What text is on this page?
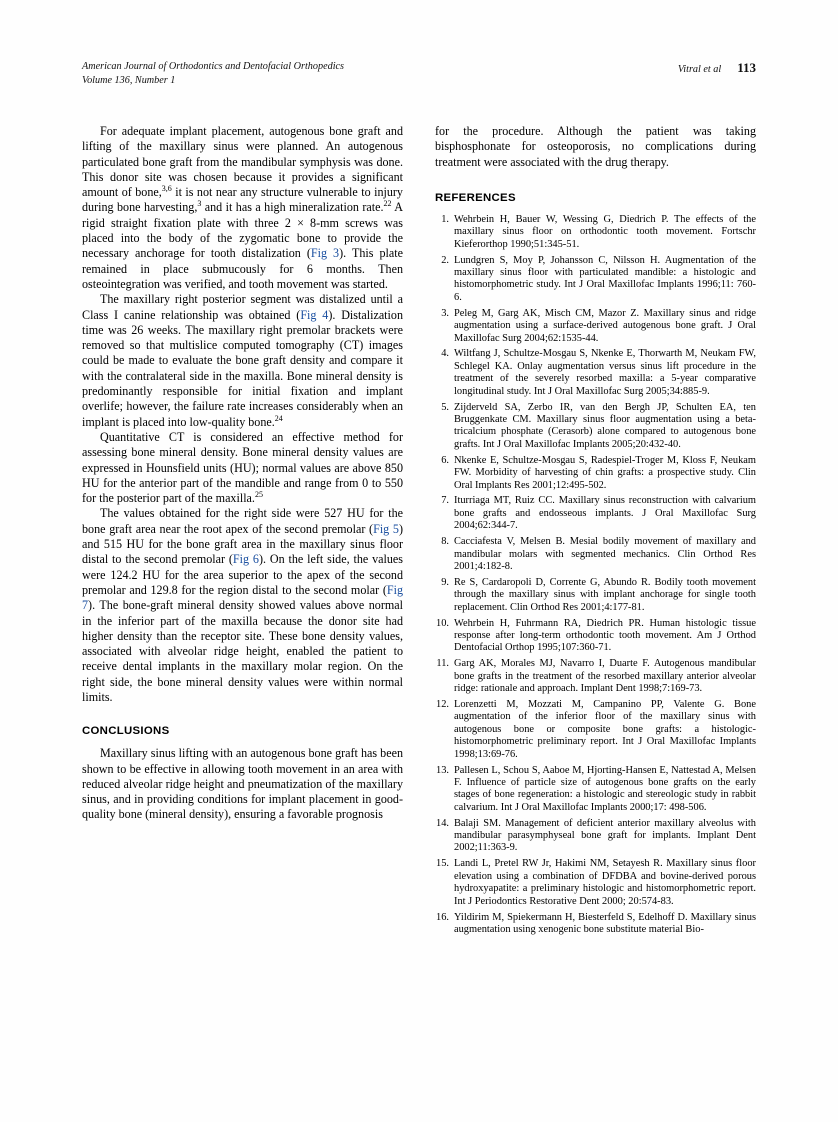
American Journal of Orthodontics and Dentofacial Orthopedics
Volume 136, Number 1
Vitral et al 113

For adequate implant placement, autogenous bone graft and lifting of the maxillary sinus were planned. An autogenous particulated bone graft from the mandibular symphysis was done. This donor site was chosen because it provides a significant amount of bone,$^{3,6}$ it is not near any structure vulnerable to injury during bone harvesting,$^3$ and it has a high mineralization rate.$^{22}$ A rigid straight fixation plate with three 2 × 8-mm screws was placed into the body of the zygomatic bone to provide the necessary anchorage for tooth distalization (Fig 3). This plate remained in place submucously for 6 months. Then osteointegration was verified, and tooth movement was started.

The maxillary right posterior segment was distalized until a Class I canine relationship was obtained (Fig 4). Distalization time was 26 weeks. The maxillary right premolar brackets were removed so that multislice computed tomography (CT) images could be made to evaluate the bone graft density and compare it with the contralateral side in the maxilla. Bone mineral density is predominantly responsible for initial fixation and implant overlife; however, the failure rate increases considerably when an implant is placed into low-quality bone.$^{24}$

Quantitative CT is considered an effective method for assessing bone mineral density. Bone mineral density values are expressed in Hounsfield units (HU); normal values are above 850 HU for the anterior part of the mandible and range from 0 to 550 for the posterior part of the maxilla.$^{25}$

The values obtained for the right side were 527 HU for the bone graft area near the root apex of the second premolar (Fig 5) and 515 HU for the bone graft area in the maxillary sinus floor distal to the second premolar (Fig 6). On the left side, the values were 124.2 HU for the area superior to the apex of the second premolar and 129.8 for the region distal to the second molar (Fig 7). The bone-graft mineral density showed values above normal in the inferior part of the maxilla because the donor site had higher density than the receptor site. These bone density values, associated with alveolar ridge height, enabled the patient to receive dental implants in the maxillary molar region. On the right side, the bone mineral density values were within normal limits.

CONCLUSIONS

Maxillary sinus lifting with an autogenous bone graft has been shown to be effective in allowing tooth movement in an area with reduced alveolar ridge height and pneumatization of the maxillary sinus, and in providing conditions for implant placement in good-quality bone (mineral density), ensuring a favorable prognosis

for the procedure. Although the patient was taking bisphosphonate for osteoporosis, no complications during treatment were associated with the drug therapy.

REFERENCES
1. Wehrbein H, Bauer W, Wessing G, Diedrich P. The effects of the maxillary sinus floor on orthodontic tooth movement. Fortschr Kieferorthop 1990;51:345-51.
2. Lundgren S, Moy P, Johansson C, Nilsson H. Augmentation of the maxillary sinus floor with particulated mandible: a histologic and histomorphometric study. Int J Oral Maxillofac Implants 1996;11: 760-6.
3. Peleg M, Garg AK, Misch CM, Mazor Z. Maxillary sinus and ridge augmentation using a surface-derived autogenous bone graft. J Oral Maxillofac Surg 2004;62:1535-44.
4. Wiltfang J, Schultze-Mosgau S, Nkenke E, Thorwarth M, Neukam FW, Schlegel KA. Onlay augmentation versus sinus lift procedure in the treatment of the severely resorbed maxilla: a 5-year comparative longitudinal study. Int J Oral Maxillofac Surg 2005;34:885-9.
5. Zijderveld SA, Zerbo IR, van den Bergh JP, Schulten EA, ten Bruggenkate CM. Maxillary sinus floor augmentation using a beta-tricalcium phosphate (Cerasorb) alone compared to autogenous bone grafts. Int J Oral Maxillofac Implants 2005;20:432-40.
6. Nkenke E, Schultze-Mosgau S, Radespiel-Troger M, Kloss F, Neukam FW. Morbidity of harvesting of chin grafts: a prospective study. Clin Oral Implants Res 2001;12:495-502.
7. Iturriaga MT, Ruiz CC. Maxillary sinus reconstruction with calvarium bone grafts and endosseous implants. J Oral Maxillofac Surg 2004;62:344-7.
8. Cacciafesta V, Melsen B. Mesial bodily movement of maxillary and mandibular molars with segmented mechanics. Clin Orthod Res 2001;4:182-8.
9. Re S, Cardaropoli D, Corrente G, Abundo R. Bodily tooth movement through the maxillary sinus with implant anchorage for single tooth replacement. Clin Orthod Res 2001;4:177-81.
10. Wehrbein H, Fuhrmann RA, Diedrich PR. Human histologic tissue response after long-term orthodontic tooth movement. Am J Orthod Dentofacial Orthop 1995;107:360-71.
11. Garg AK, Morales MJ, Navarro I, Duarte F. Autogenous mandibular bone grafts in the treatment of the resorbed maxillary anterior alveolar ridge: rationale and approach. Implant Dent 1998;7:169-73.
12. Lorenzetti M, Mozzati M, Campanino PP, Valente G. Bone augmentation of the inferior floor of the maxillary sinus with autogenous bone or composite bone grafts: a histologic-histomorphometric preliminary report. Int J Oral Maxillofac Implants 1998;13:69-76.
13. Pallesen L, Schou S, Aaboe M, Hjorting-Hansen E, Nattestad A, Melsen F. Influence of particle size of autogenous bone grafts on the early stages of bone regeneration: a histologic and stereologic study in rabbit calvarium. Int J Oral Maxillofac Implants 2000;17: 498-506.
14. Balaji SM. Management of deficient anterior maxillary alveolus with mandibular parasymphyseal bone graft for implants. Implant Dent 2002;11:363-9.
15. Landi L, Pretel RW Jr, Hakimi NM, Setayesh R. Maxillary sinus floor elevation using a combination of DFDBA and bovine-derived porous hydroxyapatite: a preliminary histologic and histomorphometric report. Int J Periodontics Restorative Dent 2000; 20:574-83.
16. Yildirim M, Spiekermann H, Biesterfeld S, Edelhoff D. Maxillary sinus augmentation using xenogenic bone substitute material Bio-
